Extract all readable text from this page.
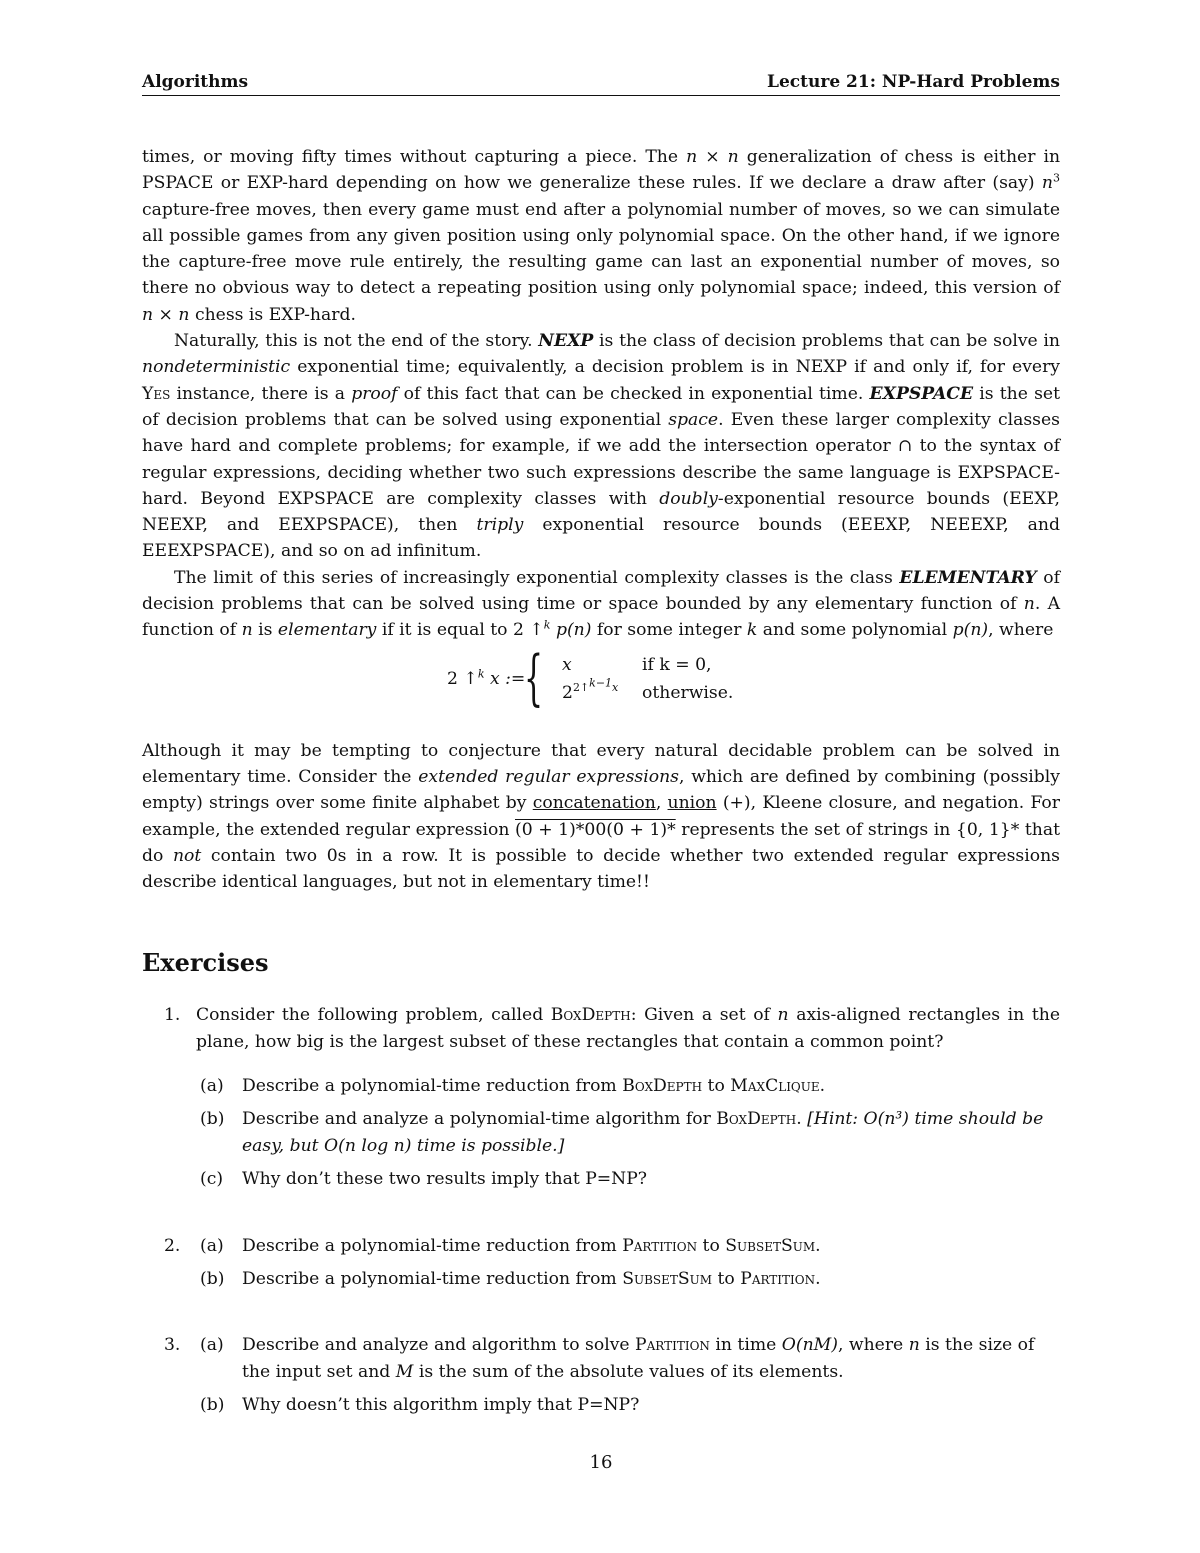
Algorithms	Lecture 21: NP-Hard Problems

times, or moving fifty times without capturing a piece. The n × n generalization of chess is either in PSPACE or EXP-hard depending on how we generalize these rules. If we declare a draw after (say) $n^3$ capture-free moves, then every game must end after a polynomial number of moves, so we can simulate all possible games from any given position using only polynomial space. On the other hand, if we ignore the capture-free move rule entirely, the resulting game can last an exponential number of moves, so there no obvious way to detect a repeating position using only polynomial space; indeed, this version of n × n chess is EXP-hard.

Naturally, this is not the end of the story. NEXP is the class of decision problems that can be solve in nondeterministic exponential time; equivalently, a decision problem is in NEXP if and only if, for every Yes instance, there is a proof of this fact that can be checked in exponential time. EXPSPACE is the set of decision problems that can be solved using exponential space. Even these larger complexity classes have hard and complete problems; for example, if we add the intersection operator ∩ to the syntax of regular expressions, deciding whether two such expressions describe the same language is EXPSPACE-hard. Beyond EXPSPACE are complexity classes with doubly-exponential resource bounds (EEXP, NEEXP, and EEXPSPACE), then triply exponential resource bounds (EEEXP, NEEEXP, and EEEXPSPACE), and so on ad infinitum.

The limit of this series of increasingly exponential complexity classes is the class ELEMENTARY of decision problems that can be solved using time or space bounded by any elementary function of n. A function of n is elementary if it is equal to 2 ↑$^k$ p(n) for some integer k and some polynomial p(n), where

2 ↑$^k$ x :=
{ x	if k = 0,
$2^{2↑^{k-1}x}$ otherwise.

Although it may be tempting to conjecture that every natural decidable problem can be solved in elementary time. Consider the extended regular expressions, which are defined by combining (possibly empty) strings over some finite alphabet by concatenation, union (+), Kleene closure, and negation. For example, the extended regular expression (0 + 1)*00(0 + 1)* represents the set of strings in {0, 1}* that do not contain two 0s in a row. It is possible to decide whether two extended regular expressions describe identical languages, but not in elementary time!!

Exercises
1. Consider the following problem, called BoxDepth: Given a set of n axis-aligned rectangles in the plane, how big is the largest subset of these rectangles that contain a common point?
(a) Describe a polynomial-time reduction from BoxDepth to MaxClique.
(b) Describe and analyze a polynomial-time algorithm for BoxDepth. [Hint: O(n³) time should be easy, but O(n log n) time is possible.]
(c) Why don’t these two results imply that P=NP?
2. (a) Describe a polynomial-time reduction from Partition to SubsetSum.
(b) Describe a polynomial-time reduction from SubsetSum to Partition.
3. (a) Describe and analyze and algorithm to solve Partition in time O(nM), where n is the size of the input set and M is the sum of the absolute values of its elements.
(b) Why doesn’t this algorithm imply that P=NP?
16
